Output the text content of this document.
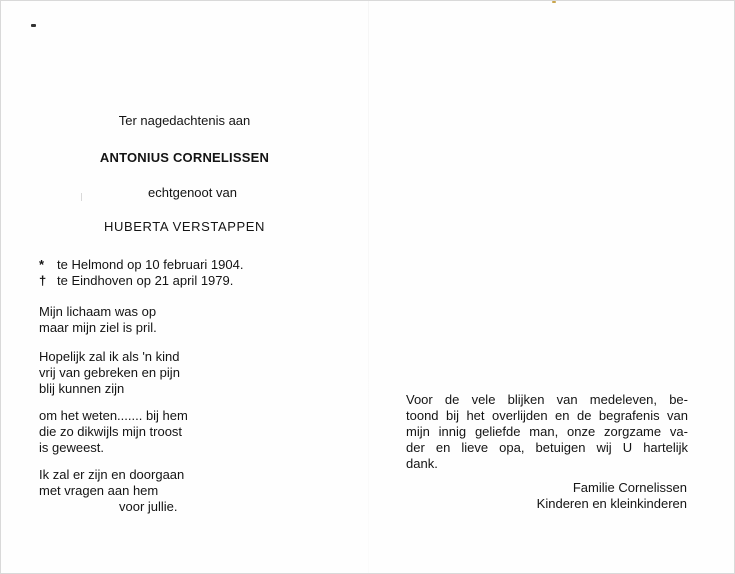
Ter nagedachtenis aan
ANTONIUS CORNELISSEN
echtgenoot van
HUBERTA VERSTAPPEN
* te Helmond op 10 februari 1904.
† te Eindhoven op 21 april 1979.
Mijn lichaam was op
maar mijn ziel is pril.
Hopelijk zal ik als 'n kind
vrij van gebreken en pijn
blij kunnen zijn
om het weten....... bij hem
die zo dikwijls mijn troost
is geweest.
Ik zal er zijn en doorgaan
met vragen aan hem
voor jullie.
Voor de vele blijken van medeleven, be-
toond bij het overlijden en de begrafenis van
mijn innig geliefde man, onze zorgzame va-
der en lieve opa, betuigen wij U hartelijk
dank.
Familie Cornelissen
Kinderen en kleinkinderen
